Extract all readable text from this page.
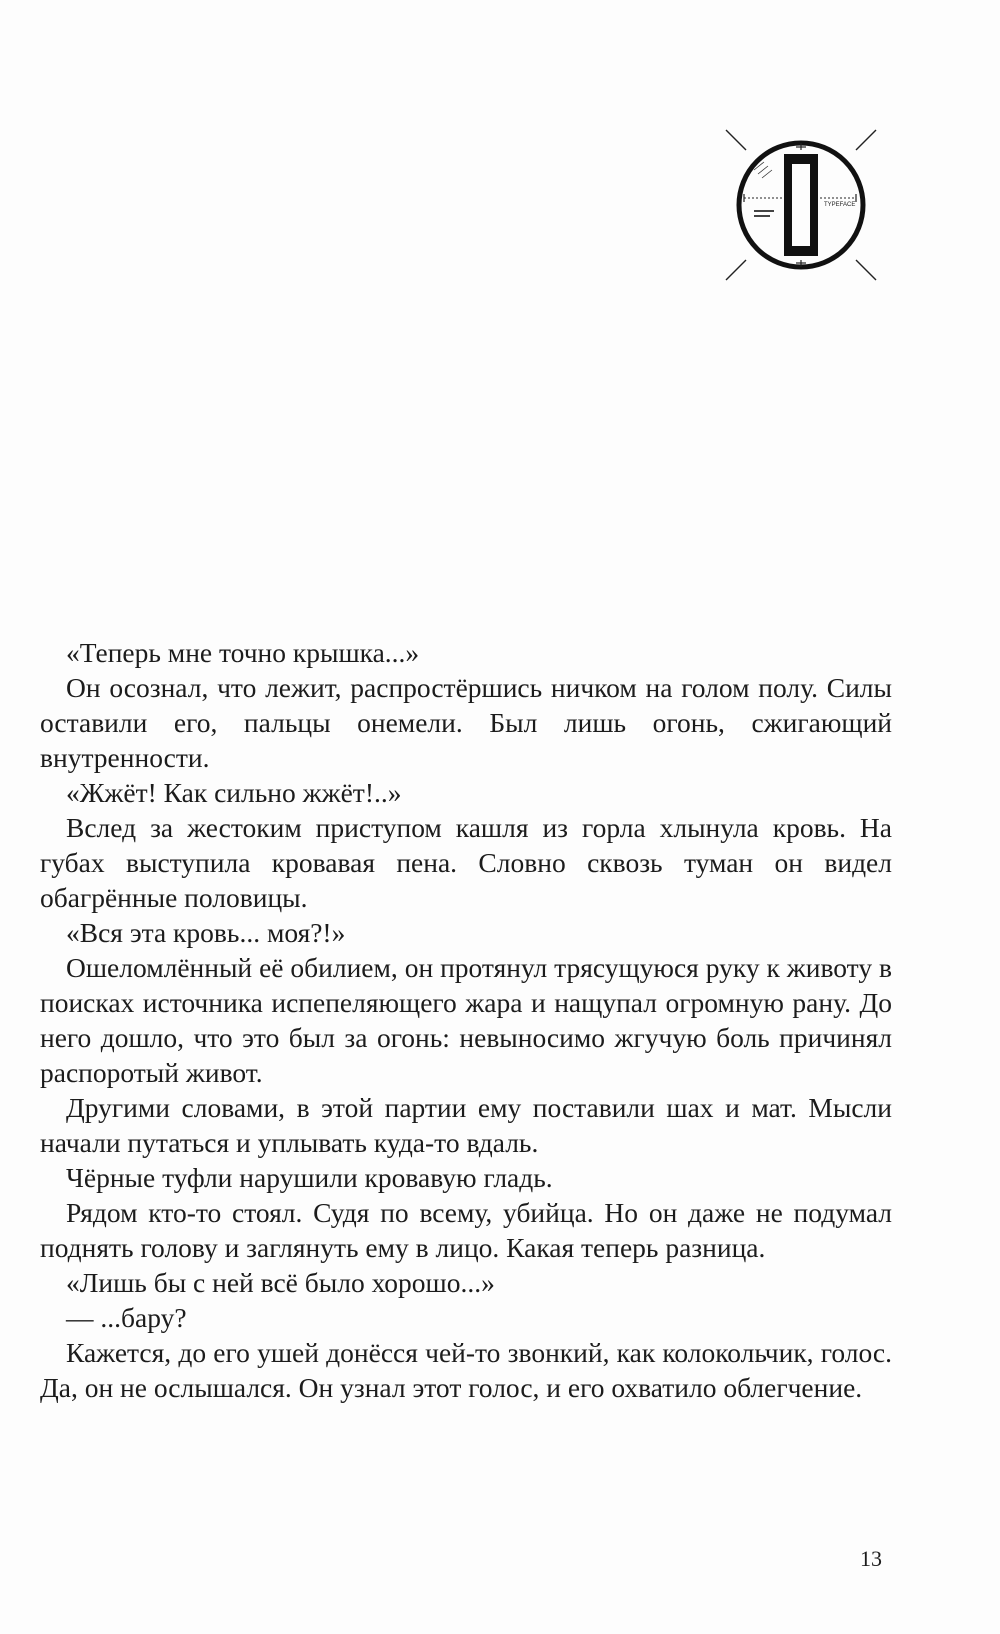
TYPEFACE

«Теперь мне точно крышка...»

Он осознал, что лежит, распростёршись ничком на голом полу. Силы оставили его, пальцы онемели. Был лишь огонь, сжигающий внутренности.

«Жжёт! Как сильно жжёт!..»

Вслед за жестоким приступом кашля из горла хлынула кровь. На губах выступила кровавая пена. Словно сквозь туман он видел обагрённые половицы.

«Вся эта кровь... моя?!»

Ошеломлённый её обилием, он протянул трясущуюся руку к животу в поисках источника испепеляющего жара и нащупал огромную рану. До него дошло, что это был за огонь: невыносимо жгучую боль причинял распоротый живот.

Другими словами, в этой партии ему поставили шах и мат. Мысли начали путаться и уплывать куда-то вдаль.

Чёрные туфли нарушили кровавую гладь.

Рядом кто-то стоял. Судя по всему, убийца. Но он даже не подумал поднять голову и заглянуть ему в лицо. Какая теперь разница.

«Лишь бы с ней всё было хорошо...»

— ...бару?

Кажется, до его ушей донёсся чей-то звонкий, как колокольчик, голос. Да, он не ослышался. Он узнал этот голос, и его охватило облегчение.

13
